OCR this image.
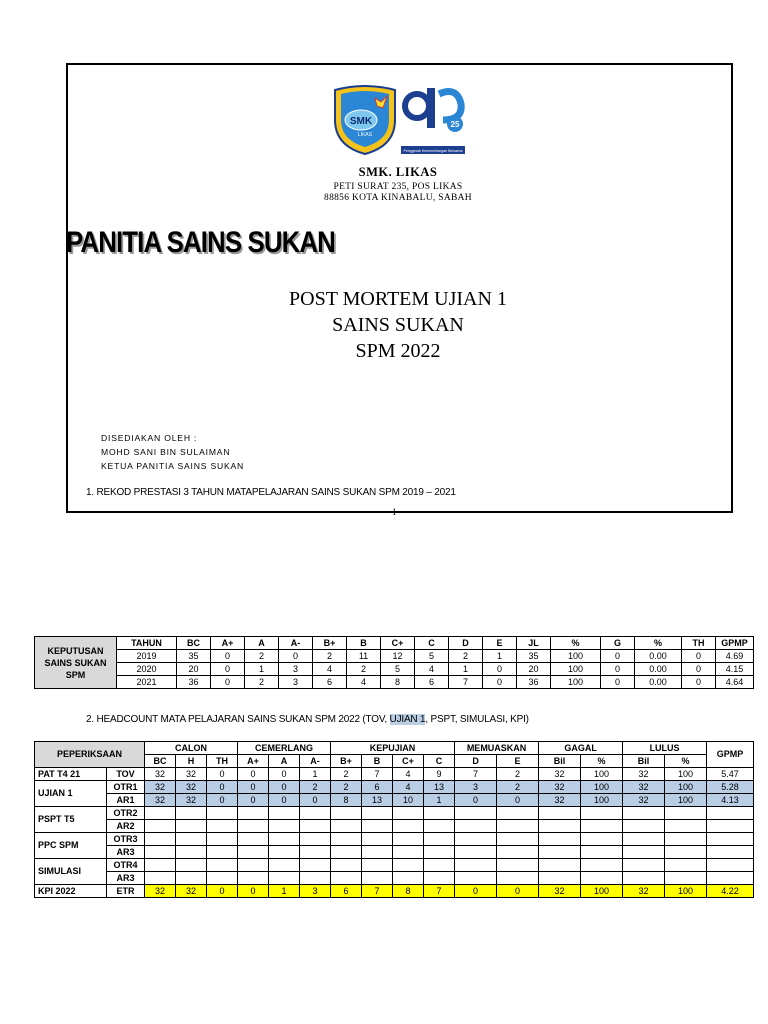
SMK
LIKAS
25
Penggerak Kecemerlangan Bersama
SMK. LIKAS
PETI SURAT 235, POS LIKAS
88856 KOTA KINABALU, SABAH
PANITIA SAINS SUKAN
POST MORTEM UJIAN 1
SAINS SUKAN
SPM 2022
DISEDIAKAN OLEH :
MOHD SANI BIN SULAIMAN
KETUA PANITIA SAINS SUKAN
1. REKOD PRESTASI 3 TAHUN MATAPELAJARAN SAINS SUKAN SPM 2019 – 2021
1
KEPUTUSAN SAINS SUKAN SPM	TAHUN	BC	A+	A	A-	B+	B	C+	C	D	E	JL	%	G	%	TH	GPMP
	2019	35	0	2	0	2	11	12	5	2	1	35	100	0	0.00	0	4.69
	2020	20	0	1	3	4	2	5	4	1	0	20	100	0	0.00	0	4.15
	2021	36	0	2	3	6	4	8	6	7	0	36	100	0	0.00	0	4.64
2. HEADCOUNT MATA PELAJARAN SAINS SUKAN SPM 2022 (TOV, UJIAN 1, PSPT, SIMULASI, KPI)
PEPERIKSAAN		CALON			CEMERLANG			KEPUJIAN				MEMUASKAN		GAGAL		LULUS		GPMP
		BC	H	TH	A+	A	A-	B+	B	C+	C	D	E	Bil	%	Bil	%	
PAT T4 21	TOV	32	32	0	0	0	1	2	7	4	9	7	2	32	100	32	100	5.47
UJIAN 1	OTR1	32	32	0	0	0	2	2	6	4	13	3	2	32	100	32	100	5.28
	AR1	32	32	0	0	0	0	8	13	10	1	0	0	32	100	32	100	4.13
PSPT T5	OTR2																	
	AR2																	
PPC SPM	OTR3																	
	AR3																	
SIMULASI	OTR4																	
	AR3																	
KPI 2022	ETR	32	32	0	0	1	3	6	7	8	7	0	0	32	100	32	100	4.22
